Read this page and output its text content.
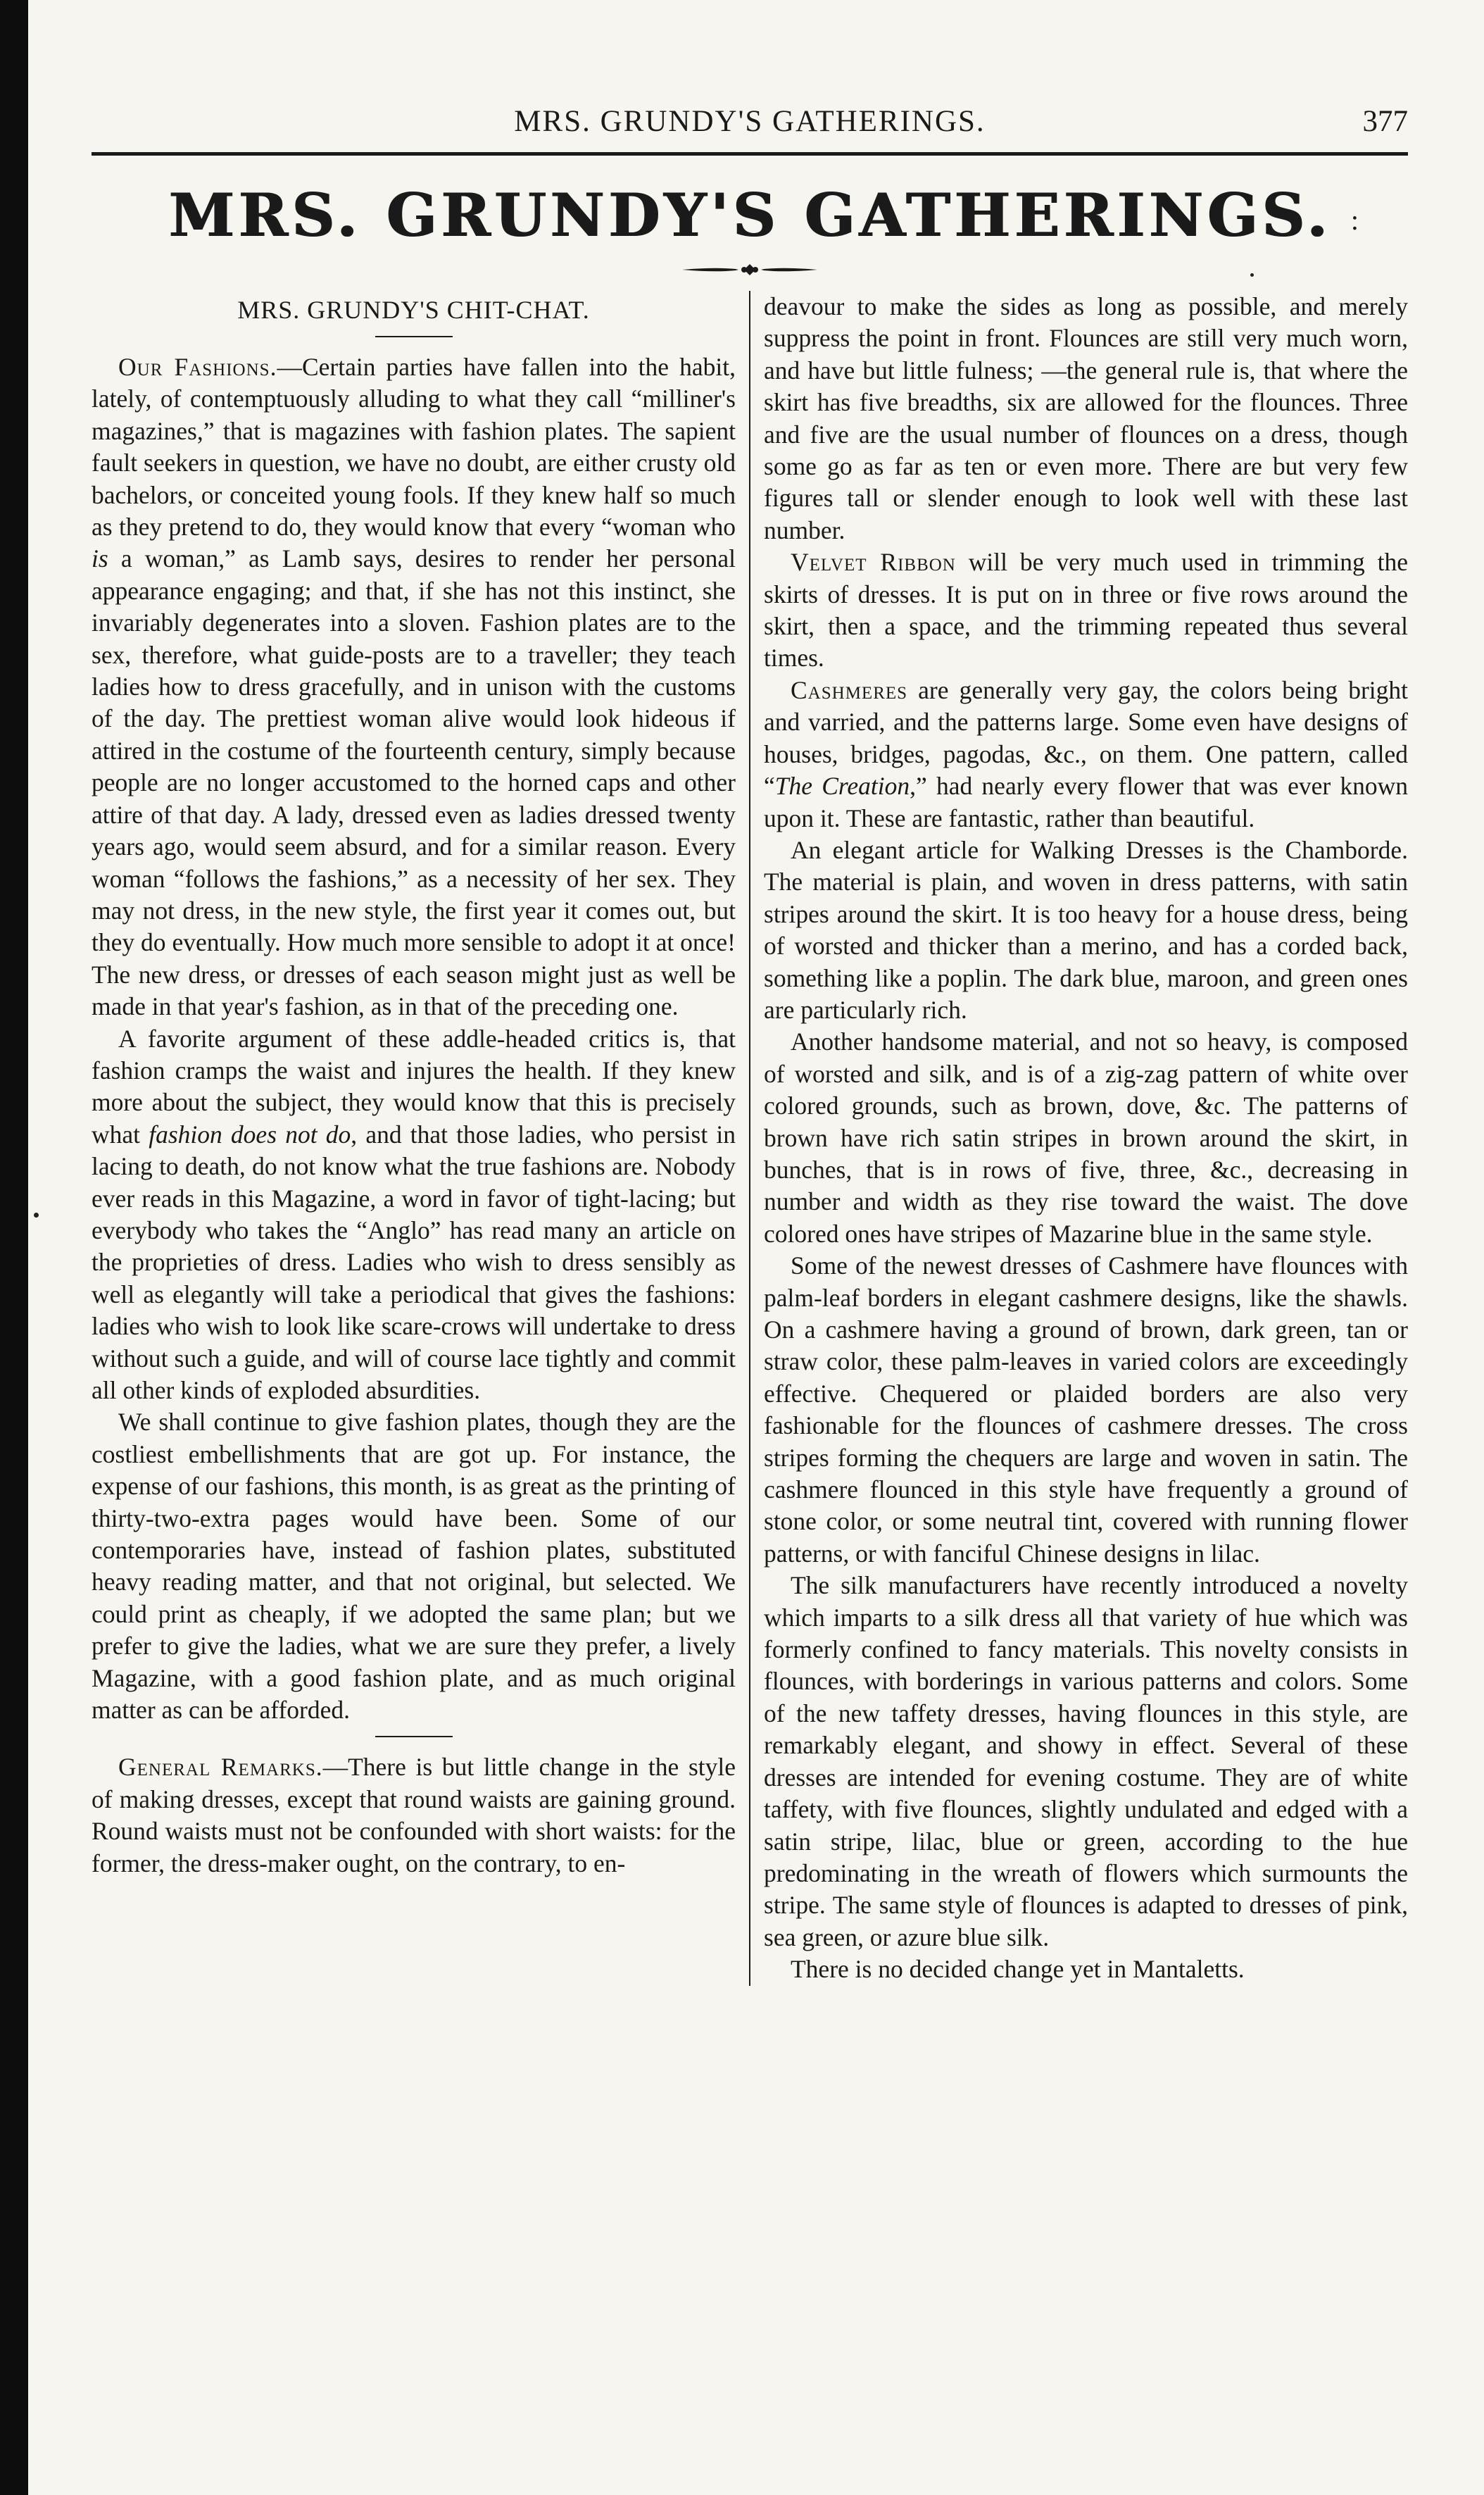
MRS. GRUNDY'S GATHERINGS.	377
MRS. GRUNDY'S GATHERINGS. :
MRS. GRUNDY'S CHIT-CHAT.

Our Fashions.—Certain parties have fallen into the habit, lately, of contemptuously alluding to what they call “milliner's magazines,” that is magazines with fashion plates. The sapient fault seekers in question, we have no doubt, are either crusty old bachelors, or conceited young fools. If they knew half so much as they pretend to do, they would know that every “woman who is a woman,” as Lamb says, desires to render her personal appearance engaging; and that, if she has not this instinct, she invariably degenerates into a sloven. Fashion plates are to the sex, therefore, what guide-posts are to a traveller; they teach ladies how to dress gracefully, and in unison with the customs of the day. The prettiest woman alive would look hideous if attired in the costume of the fourteenth century, simply because people are no longer accustomed to the horned caps and other attire of that day. A lady, dressed even as ladies dressed twenty years ago, would seem absurd, and for a similar reason. Every woman “follows the fashions,” as a necessity of her sex. They may not dress, in the new style, the first year it comes out, but they do eventually. How much more sensible to adopt it at once! The new dress, or dresses of each season might just as well be made in that year's fashion, as in that of the preceding one.

A favorite argument of these addle-headed critics is, that fashion cramps the waist and injures the health. If they knew more about the subject, they would know that this is precisely what fashion does not do, and that those ladies, who persist in lacing to death, do not know what the true fashions are. Nobody ever reads in this Magazine, a word in favor of tight-lacing; but everybody who takes the “Anglo” has read many an article on the proprieties of dress. Ladies who wish to dress sensibly as well as elegantly will take a periodical that gives the fashions: ladies who wish to look like scare-crows will undertake to dress without such a guide, and will of course lace tightly and commit all other kinds of exploded absurdities.

We shall continue to give fashion plates, though they are the costliest embellishments that are got up. For instance, the expense of our fashions, this month, is as great as the printing of thirty-two-extra pages would have been. Some of our contemporaries have, instead of fashion plates, substituted heavy reading matter, and that not original, but selected. We could print as cheaply, if we adopted the same plan; but we prefer to give the ladies, what we are sure they prefer, a lively Magazine, with a good fashion plate, and as much original matter as can be afforded.

General Remarks.—There is but little change in the style of making dresses, except that round waists are gaining ground. Round waists must not be confounded with short waists: for the former, the dress-maker ought, on the contrary, to en-

deavour to make the sides as long as possible, and merely suppress the point in front. Flounces are still very much worn, and have but little fulness; —the general rule is, that where the skirt has five breadths, six are allowed for the flounces. Three and five are the usual number of flounces on a dress, though some go as far as ten or even more. There are but very few figures tall or slender enough to look well with these last number.

Velvet Ribbon will be very much used in trimming the skirts of dresses. It is put on in three or five rows around the skirt, then a space, and the trimming repeated thus several times.

Cashmeres are generally very gay, the colors being bright and varried, and the patterns large. Some even have designs of houses, bridges, pagodas, &c., on them. One pattern, called “The Creation,” had nearly every flower that was ever known upon it. These are fantastic, rather than beautiful.

An elegant article for Walking Dresses is the Chamborde. The material is plain, and woven in dress patterns, with satin stripes around the skirt. It is too heavy for a house dress, being of worsted and thicker than a merino, and has a corded back, something like a poplin. The dark blue, maroon, and green ones are particularly rich.

Another handsome material, and not so heavy, is composed of worsted and silk, and is of a zig-zag pattern of white over colored grounds, such as brown, dove, &c. The patterns of brown have rich satin stripes in brown around the skirt, in bunches, that is in rows of five, three, &c., decreasing in number and width as they rise toward the waist. The dove colored ones have stripes of Mazarine blue in the same style.

Some of the newest dresses of Cashmere have flounces with palm-leaf borders in elegant cashmere designs, like the shawls. On a cashmere having a ground of brown, dark green, tan or straw color, these palm-leaves in varied colors are exceedingly effective. Chequered or plaided borders are also very fashionable for the flounces of cashmere dresses. The cross stripes forming the chequers are large and woven in satin. The cashmere flounced in this style have frequently a ground of stone color, or some neutral tint, covered with running flower patterns, or with fanciful Chinese designs in lilac.

The silk manufacturers have recently introduced a novelty which imparts to a silk dress all that variety of hue which was formerly confined to fancy materials. This novelty consists in flounces, with borderings in various patterns and colors. Some of the new taffety dresses, having flounces in this style, are remarkably elegant, and showy in effect. Several of these dresses are intended for evening costume. They are of white taffety, with five flounces, slightly undulated and edged with a satin stripe, lilac, blue or green, according to the hue predominating in the wreath of flowers which surmounts the stripe. The same style of flounces is adapted to dresses of pink, sea green, or azure blue silk.

There is no decided change yet in Mantaletts.
